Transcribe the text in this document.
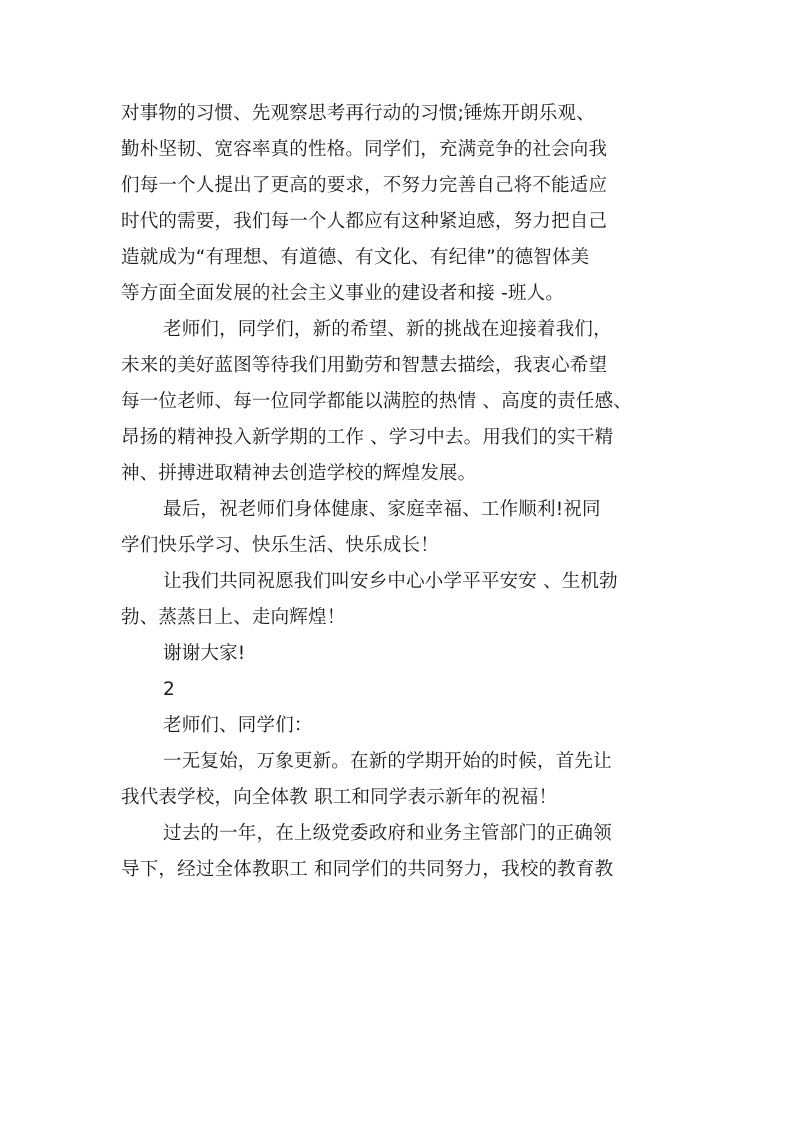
对事物的习惯、先观察思考再行动的习惯;锤炼开朗乐观、
勤朴坚韧、宽容率真的性格。同学们，充满竞争的社会向我
们每一个人提出了更高的要求，不努力完善自己将不能适应
时代的需要，我们每一个人都应有这种紧迫感，努力把自己
造就成为“有理想、有道德、有文化、有纪律”的德智体美
等方面全面发展的社会主义事业的建设者和接 -班人。
老师们，同学们，新的希望、新的挑战在迎接着我们，
未来的美好蓝图等待我们用勤劳和智慧去描绘，我衷心希望
每一位老师、每一位同学都能以满腔的热情 、高度的责任感、
昂扬的精神投入新学期的工作 、学习中去。用我们的实干精
神、拼搏进取精神去创造学校的辉煌发展。
最后，祝老师们身体健康、家庭幸福、工作顺利!祝同
学们快乐学习、快乐生活、快乐成长！
让我们共同祝愿我们叫安乡中心小学平平安安 、生机勃
勃、蒸蒸日上、走向辉煌！
谢谢大家!
2
老师们、同学们：
一无复始，万象更新。在新的学期开始的时候，首先让
我代表学校，向全体教 职工和同学表示新年的祝福！
过去的一年，在上级党委政府和业务主管部门的正确领
导下，经过全体教职工 和同学们的共同努力，我校的教育教
